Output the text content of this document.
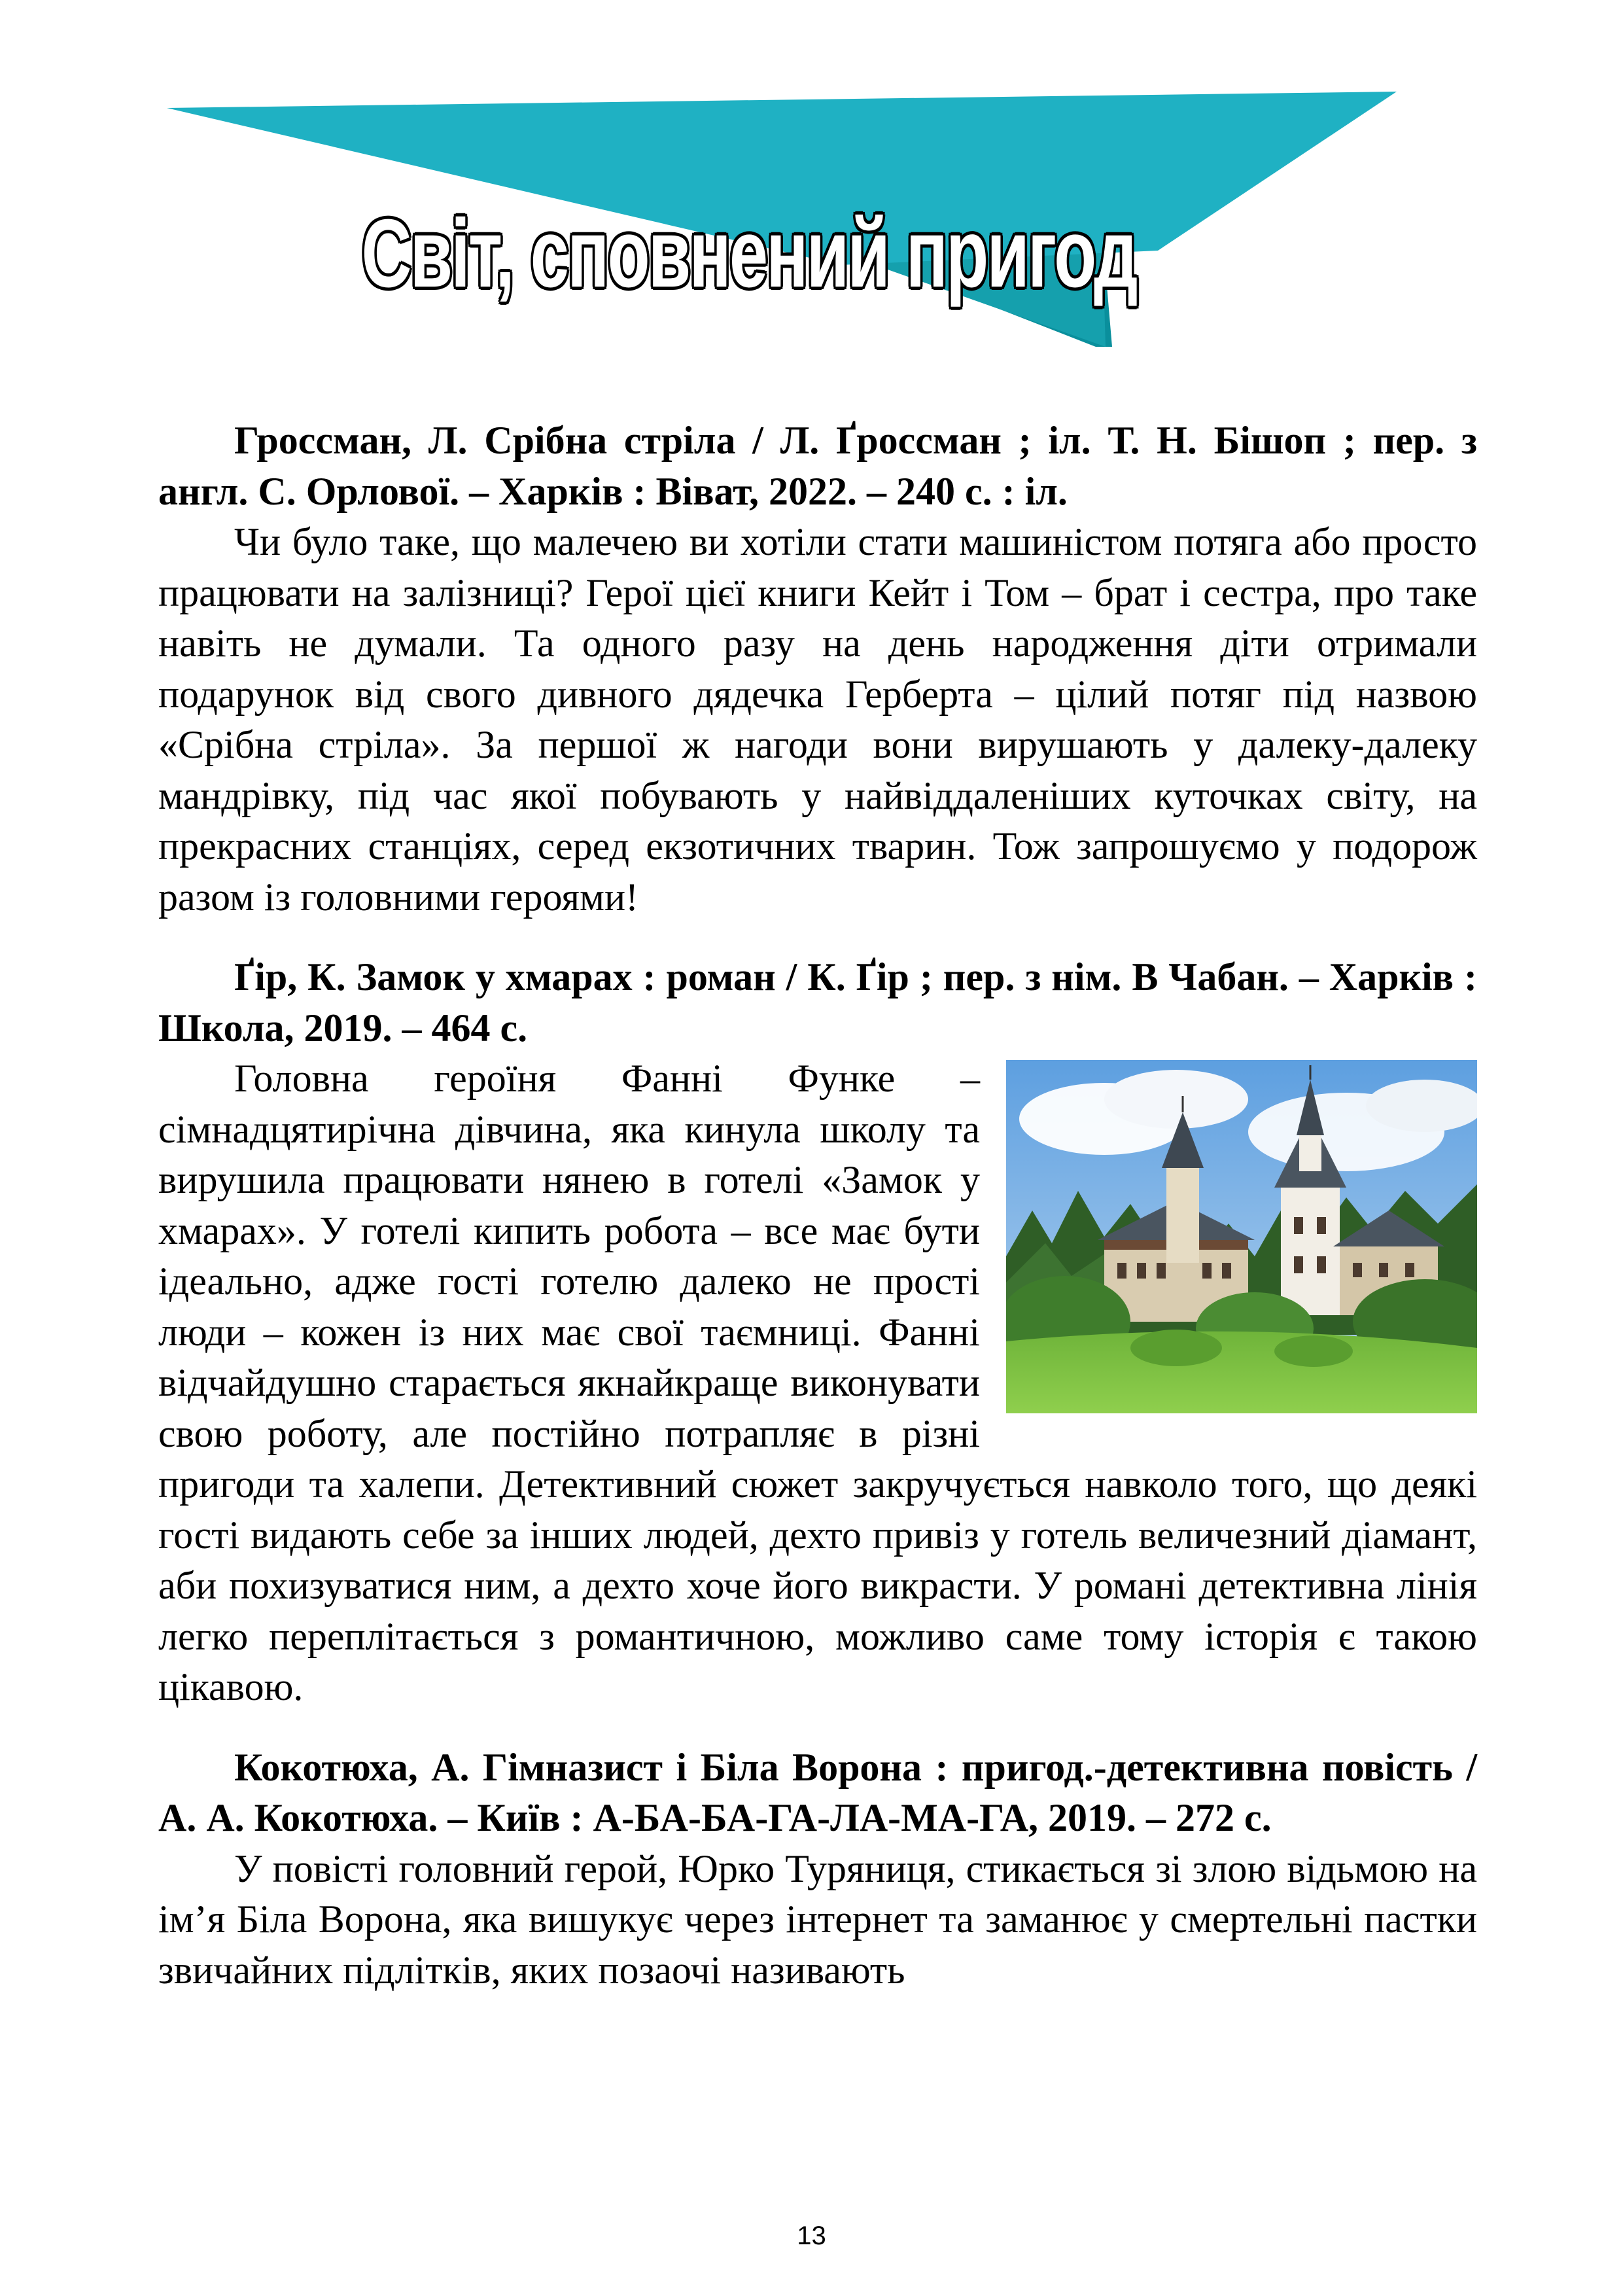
Світ, сповнений пригод

Гроссман, Л. Срібна стріла / Л. Ґроссман ; іл. Т. Н. Бішоп ; пер. з англ. С. Орлової. – Харків : Віват, 2022. – 240 с. : іл.

Чи було таке, що малечею ви хотіли стати машиністом потяга або просто працювати на залізниці? Герої цієї книги Кейт і Том – брат і сестра, про таке навіть не думали. Та одного разу на день народження діти отримали подарунок від свого дивного дядечка Герберта – цілий потяг під назвою «Срібна стріла». За першої ж нагоди вони вирушають у далеку-далеку мандрівку, під час якої побувають у найвіддаленіших куточках світу, на прекрасних станціях, серед екзотичних тварин. Тож запрошуємо у подорож разом із головними героями!

Ґір, К. Замок у хмарах : роман / К. Ґір ; пер. з нім. В Чабан. – Харків : Школа, 2019. – 464 с.

Головна героїня Фанні Функе – сімнадцятирічна дівчина, яка кинула школу та вирушила працювати нянею в готелі «Замок у хмарах». У готелі кипить робота – все має бути ідеально, адже гості готелю далеко не прості люди – кожен із них має свої таємниці. Фанні відчайдушно старається якнайкраще виконувати свою роботу, але постійно потрапляє в різні пригоди та халепи. Детективний сюжет закручується навколо того, що деякі гості видають себе за інших людей, дехто привіз у готель величезний діамант, аби похизуватися ним, а дехто хоче його викрасти. У романі детективна лінія легко переплітається з романтичною, можливо саме тому історія є такою цікавою.

Кокотюха, А. Гімназист і Біла Ворона : пригод.-детективна повість / А. А. Кокотюха. – Київ : А-БА-БА-ГА-ЛА-МА-ГА, 2019. – 272 с.

У повісті головний герой, Юрко Туряниця, стикається зі злою відьмою на ім’я Біла Ворона, яка вишукує через інтернет та заманює у смертельні пастки звичайних підлітків, яких позаочі називають

13
